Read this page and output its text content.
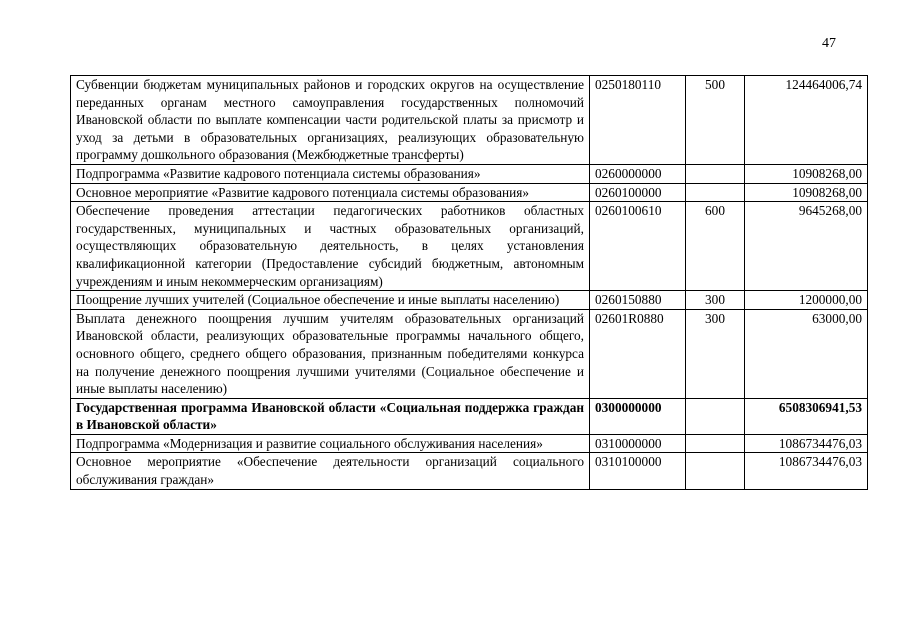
47
Субвенции бюджетам муниципальных районов и городских округов на осуществление переданных органам местного самоуправления государственных полномочий Ивановской области по выплате компенсации части родительской платы за присмотр и уход за детьми в образовательных организациях, реализующих образовательную программу дошкольного образования (Межбюджетные трансферты)	0250180110	500	124464006,74
Подпрограмма «Развитие кадрового потенциала системы образования»	0260000000		10908268,00
Основное мероприятие «Развитие кадрового потенциала системы образования»	0260100000		10908268,00
Обеспечение проведения аттестации педагогических работников областных государственных, муниципальных и частных образовательных организаций, осуществляющих образовательную деятельность, в целях установления квалификационной категории (Предоставление субсидий бюджетным, автономным учреждениям и иным некоммерческим организациям)	0260100610	600	9645268,00
Поощрение лучших учителей (Социальное обеспечение и иные выплаты населению)	0260150880	300	1200000,00
Выплата денежного поощрения лучшим учителям образовательных организаций Ивановской области, реализующих образовательные программы начального общего, основного общего, среднего общего образования, признанным победителями конкурса на получение денежного поощрения лучшими учителями (Социальное обеспечение и иные выплаты населению)	02601R0880	300	63000,00
Государственная программа Ивановской области «Социальная поддержка граждан в Ивановской области»	0300000000		6508306941,53
Подпрограмма «Модернизация и развитие социального обслуживания населения»	0310000000		1086734476,03
Основное мероприятие «Обеспечение деятельности организаций социального обслуживания граждан»	0310100000		1086734476,03
